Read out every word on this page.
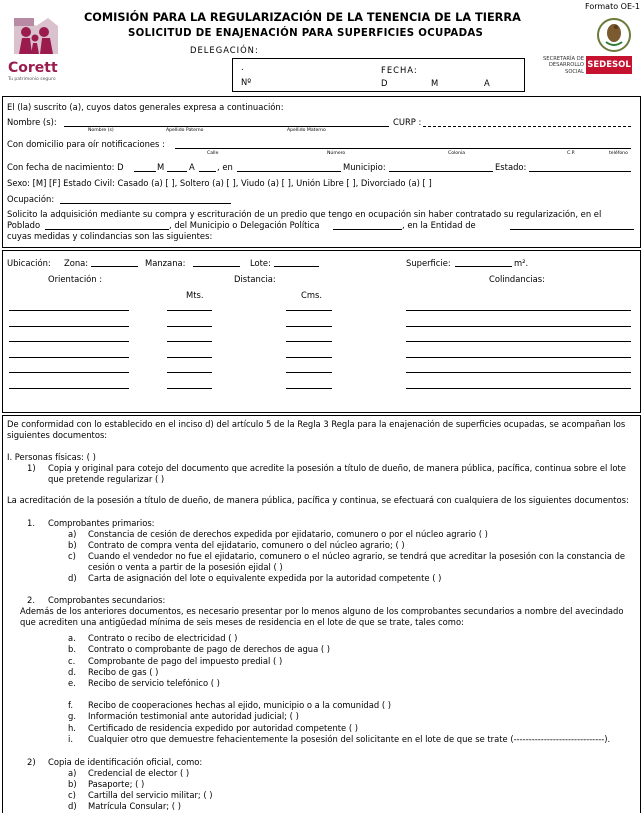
Formato OE-1
Corett
Tu patrimonio seguro
COMISIÓN PARA LA REGULARIZACIÓN DE LA TENENCIA DE LA TIERRA
SOLICITUD DE ENAJENACIÓN PARA SUPERFICIES OCUPADAS
DELEGACIÓN:
.
Nº
FECHA:
D	M	A
SECRETARÍA DE
DESARROLLO
SOCIAL
SEDESOL
El (la) suscrito (a), cuyos datos generales expresa a continuación:
Nombre (s):	CURP :
Nombre (s)	Apellido Paterno	Apellido Materno
Con domicilio para oír notificaciones :
Calle	Número	Colonia	C.P.	teléfono
Con fecha de nacimiento: D	M	A	, en	Municipio:	Estado:
Sexo: [M] [F] Estado Civil: Casado (a) [ ], Soltero (a) [ ], Viudo (a) [ ], Unión Libre [ ], Divorciado (a) [ ]
Ocupación:
Solicito la adquisición mediante su compra y escrituración de un predio que tengo en ocupación sin haber contratado su regularización, en el
Poblado	, del Municipio o Delegación Política	, en la Entidad de
cuyas medidas y colindancias son las siguientes:
Ubicación: Zona:	Manzana:	Lote:	Superficie:	m².
Orientación :	Distancia:	Colindancias:
Mts.	Cms.
De conformidad con lo establecido en el inciso d) del artículo 5 de la Regla 3 Regla para la enajenación de superficies ocupadas, se acompañan los siguientes documentos:
I. Personas físicas: ( )
1) Copia y original para cotejo del documento que acredite la posesión a título de dueño, de manera pública, pacífica, continua sobre el lote que pretende regularizar ( )
La acreditación de la posesión a título de dueño, de manera pública, pacífica y continua, se efectuará con cualquiera de los siguientes documentos:
1. Comprobantes primarios:
a) Constancia de cesión de derechos expedida por ejidatario, comunero o por el núcleo agrario ( )
b) Contrato de compra venta del ejidatario, comunero o del núcleo agrario; ( )
c) Cuando el vendedor no fue el ejidatario, comunero o el núcleo agrario, se tendrá que acreditar la posesión con la constancia de cesión o venta a partir de la posesión ejidal ( )
d) Carta de asignación del lote o equivalente expedida por la autoridad competente ( )
2. Comprobantes secundarios:
Además de los anteriores documentos, es necesario presentar por lo menos alguno de los comprobantes secundarios a nombre del avecindado que acrediten una antigüedad mínima de seis meses de residencia en el lote de que se trate, tales como:
a. Contrato o recibo de electricidad ( )
b. Contrato o comprobante de pago de derechos de agua ( )
c. Comprobante de pago del impuesto predial ( )
d. Recibo de gas ( )
e. Recibo de servicio telefónico ( )
f. Recibo de cooperaciones hechas al ejido, municipio o a la comunidad ( )
g. Información testimonial ante autoridad judicial; ( )
h. Certificado de residencia expedido por autoridad competente ( )
i. Cualquier otro que demuestre fehacientemente la posesión del solicitante en el lote de que se trate (------------------------------).
2) Copia de identificación oficial, como:
a) Credencial de elector ( )
b) Pasaporte; ( )
c) Cartilla del servicio militar; ( )
d) Matrícula Consular; ( )
